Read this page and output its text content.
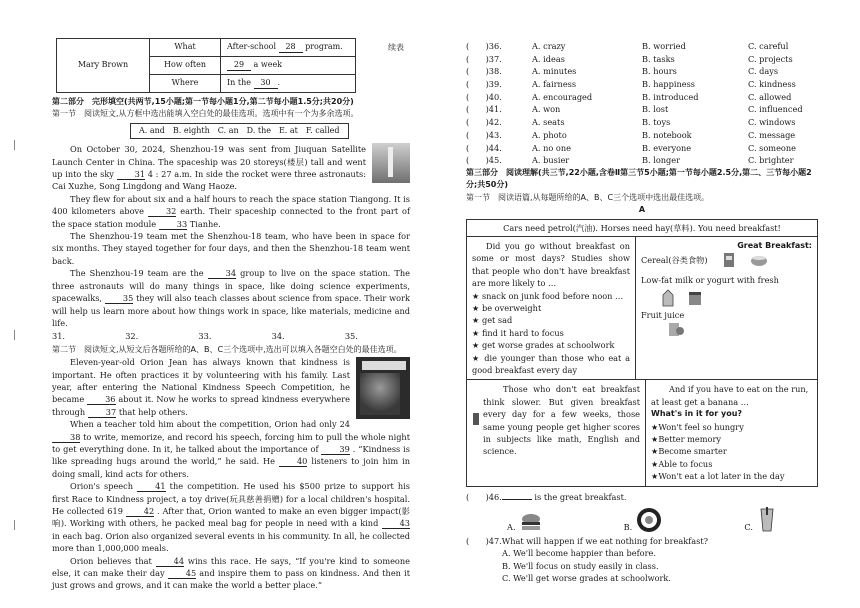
续表
Mary Brown	What	After-school 28 program.
	How often	29 a week
	Where	In the 30 .
第二部分　完形填空(共两节,15小题;第一节每小题1分,第二节每小题1.5分;共20分)
第一节　阅读短文,从方框中选出能填入空白处的最佳选项。选项中有一个为多余选项。
A. and　B. eighth　C. an　D. the　E. at　F. called

On October 30, 2024, Shenzhou-19 was sent from Jiuquan Satellite Launch Center in China. The spaceship was 20 storeys(楼层) tall and went up into the sky 31 4 : 27 a.m. In side the rocket were three astronauts: Cai Xuzhe, Song Lingdong and Wang Haoze.

They flew for about six and a half hours to reach the space station Tiangong. It is 400 kilometers above 32 earth. Their spaceship connected to the front part of the space station module 33 Tianhe.

The Shenzhou-19 team met the Shenzhou-18 team, who have been in space for six months. They stayed together for four days, and then the Shenzhou-18 team went back.

The Shenzhou-19 team are the 34 group to live on the space station. The three astronauts will do many things in space, like doing science experiments, spacewalks, 35 they will also teach classes about science from space. Their work will help us learn more about how things work in space, like materials, medicine and life.

31.	32.	33.	34.	35.
第二节　阅读短文,从短文后各题所给的A、B、C三个选项中,选出可以填入各题空白处的最佳选项。

Eleven-year-old Orion Jean has always known that kindness is important. He often practices it by volunteering with his family. Last year, after entering the National Kindness Speech Competition, he became 36 about it. Now he works to spread kindness everywhere through 37 that help others.

When a teacher told him about the competition, Orion had only 24 38 to write, memorize, and record his speech, forcing him to pull the whole night to get everything done. In it, he talked about the importance of 39 . “Kindness is like spreading hugs around the world,” he said. He 40 listeners to join him in doing small, kind acts for others.

Orion's speech 41 the competition. He used his $500 prize to support his first Race to Kindness project, a toy drive(玩具慈善捐赠) for a local children's hospital. He collected 619 42 . After that, Orion wanted to make an even bigger impact(影响). Working with others, he packed meal bag for people in need with a kind 43 in each bag. Orion also organized several events in his community. In all, he collected more than 1,000,000 meals.

Orion believes that 44 wins this race. He says, “If you're kind to someone else, it can make their day 45 and inspire them to pass on kindness. And then it just grows and grows, and it can make the world a better place.”

(　　)36.	A. crazy	B. worried	C. careful
(　　)37.	A. ideas	B. tasks	C. projects
(　　)38.	A. minutes	B. hours	C. days
(　　)39.	A. fairness	B. happiness	C. kindness
(　　)40.	A. encouraged	B. introduced	C. allowed
(　　)41.	A. won	B. lost	C. influenced
(　　)42.	A. seats	B. toys	C. windows
(　　)43.	A. photo	B. notebook	C. message
(　　)44.	A. no one	B. everyone	C. someone
(　　)45.	A. busier	B. longer	C. brighter
第三部分　阅读理解(共三节,22小题,含卷Ⅱ第三节5小题;第一节每小题2.5分,第二、三节每小题2分;共50分)
第一节　阅读语篇,从每题所给的A、B、C三个选项中选出最佳选项。
A
Cars need petrol(汽油). Horses need hay(草料). You need breakfast!
Did you go without breakfast on some or most days? Studies show that people who don't have breakfast are more likely to …
★ snack on junk food before noon …
★ be overweight
★ get sad
★ find it hard to focus
★ get worse grades at schoolwork
★ die younger than those who eat a good breakfast every day
Great Breakfast:
Cereal(谷类食物)
Low-fat milk or yogurt with fresh
Fruit juice
Those who don't eat breakfast think slower. But given breakfast every day for a few weeks, those same young people get higher scores in subjects like math, English and science.
And if you have to eat on the run, at least get a banana …
What's in it for you?
★Won't feel so hungry
★Better memory
★Become smarter
★Able to focus
★Won't eat a lot later in the day
(　　)46.	is the great breakfast.
A.	B.	C.
(　　)47.What will happen if we eat nothing for breakfast?
A. We'll become happier than before.
B. We'll focus on study easily in class.
C. We'll get worse grades at schoolwork.
